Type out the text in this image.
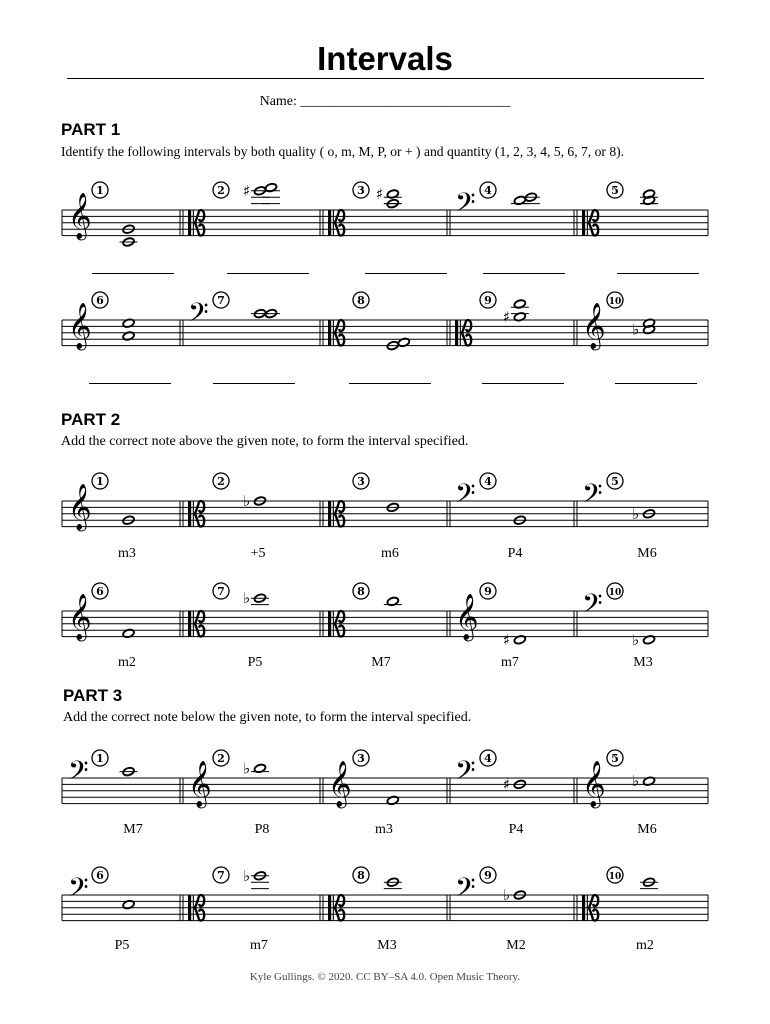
Intervals
Name: ______________________________
PART 1
Identify the following intervals by both quality ( o, m, M, P, or + ) and quantity (1, 2, 3, 4, 5, 6, 7, or 8).
𝄞
1	2 ♯	3 ♯ 𝄢 4	5
𝄞
6	𝄢 7	8	9
♯ 𝄞
10
♭
PART 2
Add the correct note above the given note, to form the interval specified.
𝄞
1	2
♭
3	𝄢 4	𝄢 5
♭
𝄞
6	7 ♭	8
𝄞
9
♯
𝄢 10
♭
m3	+5	m6	P4	M6
m2	P5	M7	m7	M3
PART 3
Add the correct note below the given note, to form the interval specified.
𝄢 1
𝄞
2
♭ 𝄞
3	𝄢 4
♯ 𝄞
5
♭
𝄢 6	7 ♭	8	𝄢 9
♭
10
M7	P8	m3	P4	M6
P5	m7	M3	M2	m2
Kyle Gullings. © 2020. CC BY–SA 4.0. Open Music Theory.
